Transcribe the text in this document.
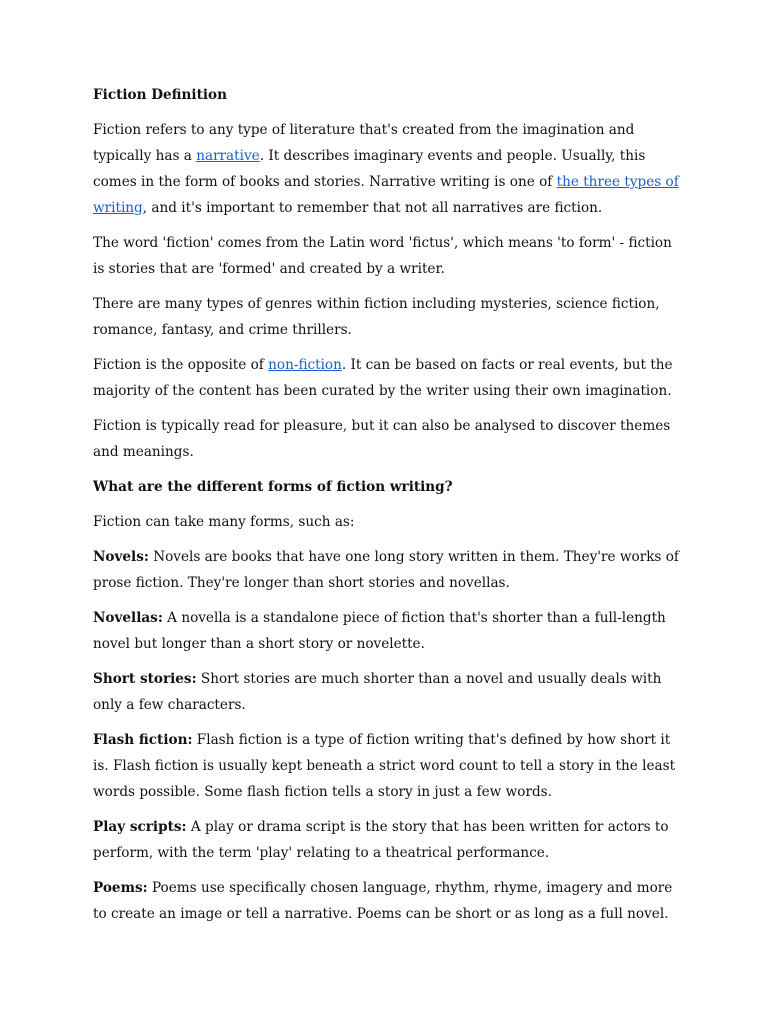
Fiction Definition

Fiction refers to any type of literature that's created from the imagination and typically has a narrative. It describes imaginary events and people. Usually, this comes in the form of books and stories. Narrative writing is one of the three types of writing, and it's important to remember that not all narratives are fiction.

The word 'fiction' comes from the Latin word 'fictus', which means 'to form' - fiction is stories that are 'formed' and created by a writer.

There are many types of genres within fiction including mysteries, science fiction, romance, fantasy, and crime thrillers.

Fiction is the opposite of non-fiction. It can be based on facts or real events, but the majority of the content has been curated by the writer using their own imagination.

Fiction is typically read for pleasure, but it can also be analysed to discover themes and meanings.

What are the different forms of fiction writing?

Fiction can take many forms, such as:

Novels: Novels are books that have one long story written in them. They're works of prose fiction. They're longer than short stories and novellas.

Novellas: A novella is a standalone piece of fiction that's shorter than a full-length novel but longer than a short story or novelette.

Short stories: Short stories are much shorter than a novel and usually deals with only a few characters.

Flash fiction: Flash fiction is a type of fiction writing that's defined by how short it is. Flash fiction is usually kept beneath a strict word count to tell a story in the least words possible. Some flash fiction tells a story in just a few words.

Play scripts: A play or drama script is the story that has been written for actors to perform, with the term 'play' relating to a theatrical performance.

Poems: Poems use specifically chosen language, rhythm, rhyme, imagery and more to create an image or tell a narrative. Poems can be short or as long as a full novel.
